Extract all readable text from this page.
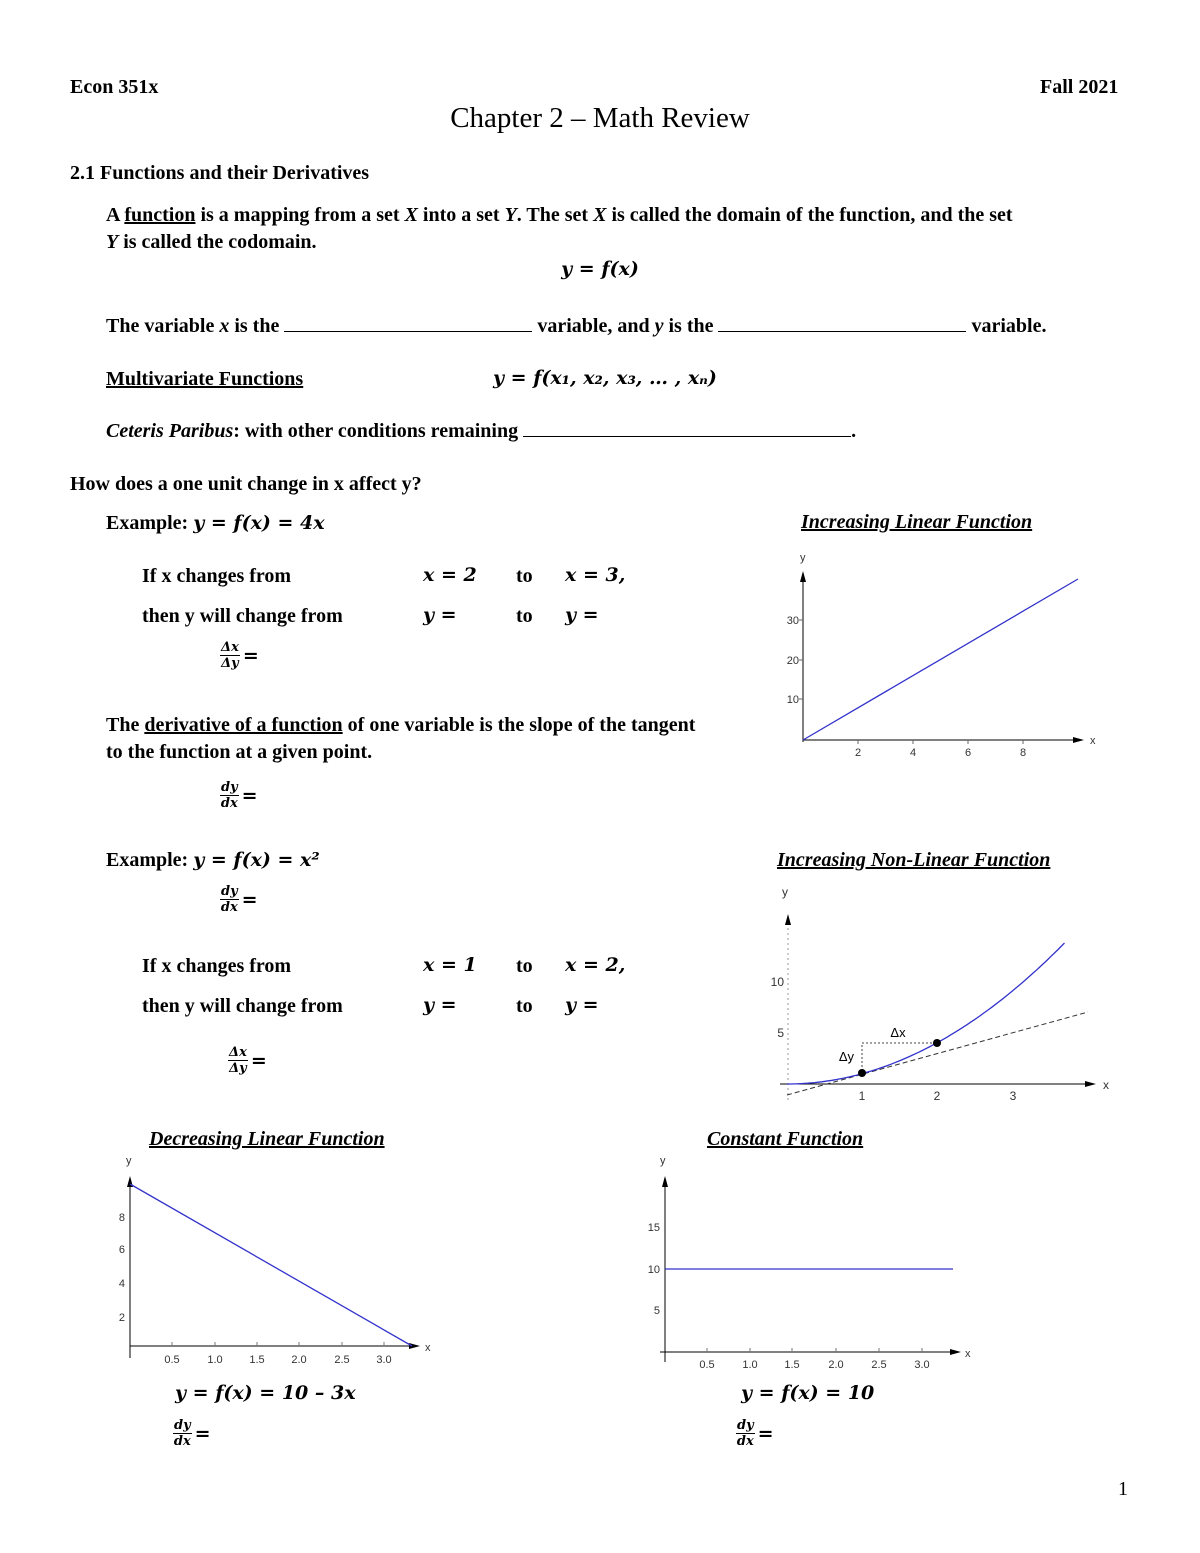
Econ 351x	Fall 2021
Chapter 2 – Math Review
2.1 Functions and their Derivatives
A function is a mapping from a set X into a set Y. The set X is called the domain of the function, and the set
Y is called the codomain.
y = f(x)
The variable x is the	variable, and y is the	variable.
Multivariate Functions	y = f(x₁, x₂, x₃, … , xₙ)
Ceteris Paribus: with other conditions remaining	.
How does a one unit change in x affect y?
Example: y = f(x) = 4x
If x changes from	x = 2 to x = 3,
then y will change from	y =	to y =
$\frac{\Delta x}{\Delta y}$ =
The derivative of a function of one variable is the slope of the tangent
to the function at a given point.
$\frac{dy}{dx}$ =
Example: y = f(x) = x²
$\frac{dy}{dx}$ =
If x changes from	x = 1 to x = 2,
then y will change from	y =	to y =
$\frac{\Delta x}{\Delta y}$ =
Increasing Linear Function
Increasing Non-Linear Function
Decreasing Linear Function	Constant Function
y
x
2	4	6	8
10
20
30
y
x
1	2	3
5
10
Δx
Δy
y
x
0.5	1.0 1.5 2.0	2.5 3.0
2
4
6
8
y
x
0.5	1.0 1.5	2.0	2.5	3.0
5
10
15
y = f(x) = 10 – 3x
$\frac{dy}{dx}$ =
y = f(x) = 10
$\frac{dy}{dx}$ =
1
